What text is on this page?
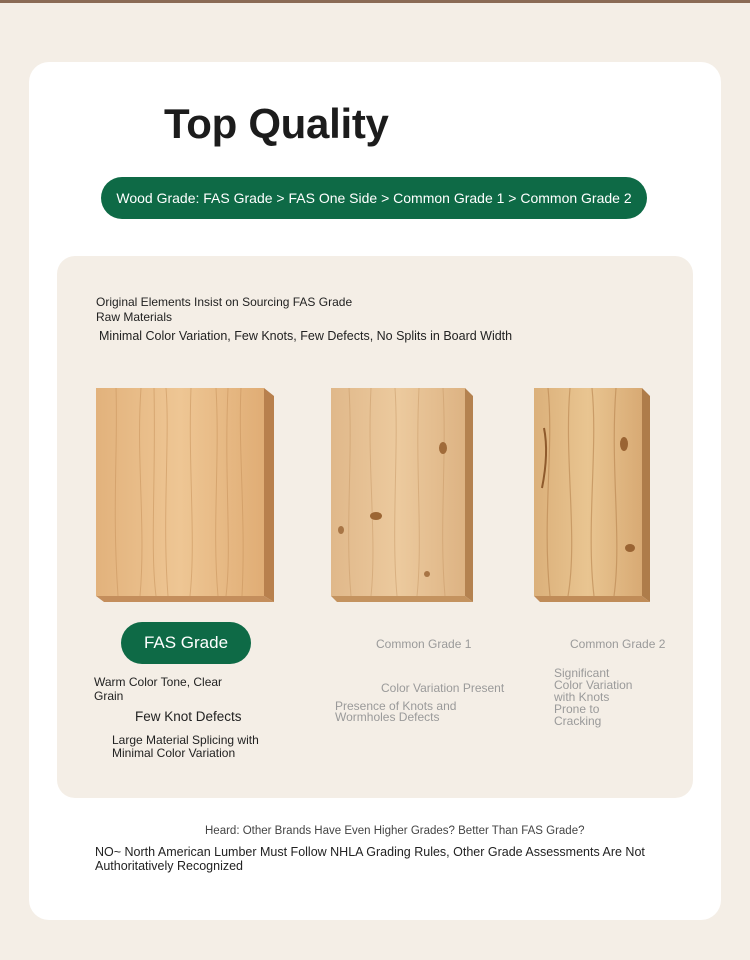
Top Quality
Wood Grade: FAS Grade > FAS One Side > Common Grade 1 > Common Grade 2
Original Elements Insist on Sourcing FAS Grade
Raw Materials
Minimal Color Variation, Few Knots, Few Defects, No Splits in Board Width
FAS Grade	Common Grade 1	Common Grade 2
Warm Color Tone, Clear Grain
Few Knot Defects
Large Material Splicing with Minimal Color Variation
Color Variation Present
Presence of Knots and Wormholes Defects
Significant Color Variation with Knots Prone to Cracking
Heard: Other Brands Have Even Higher Grades? Better Than FAS Grade?
NO~ North American Lumber Must Follow NHLA Grading Rules, Other Grade Assessments Are Not Authoritatively Recognized
